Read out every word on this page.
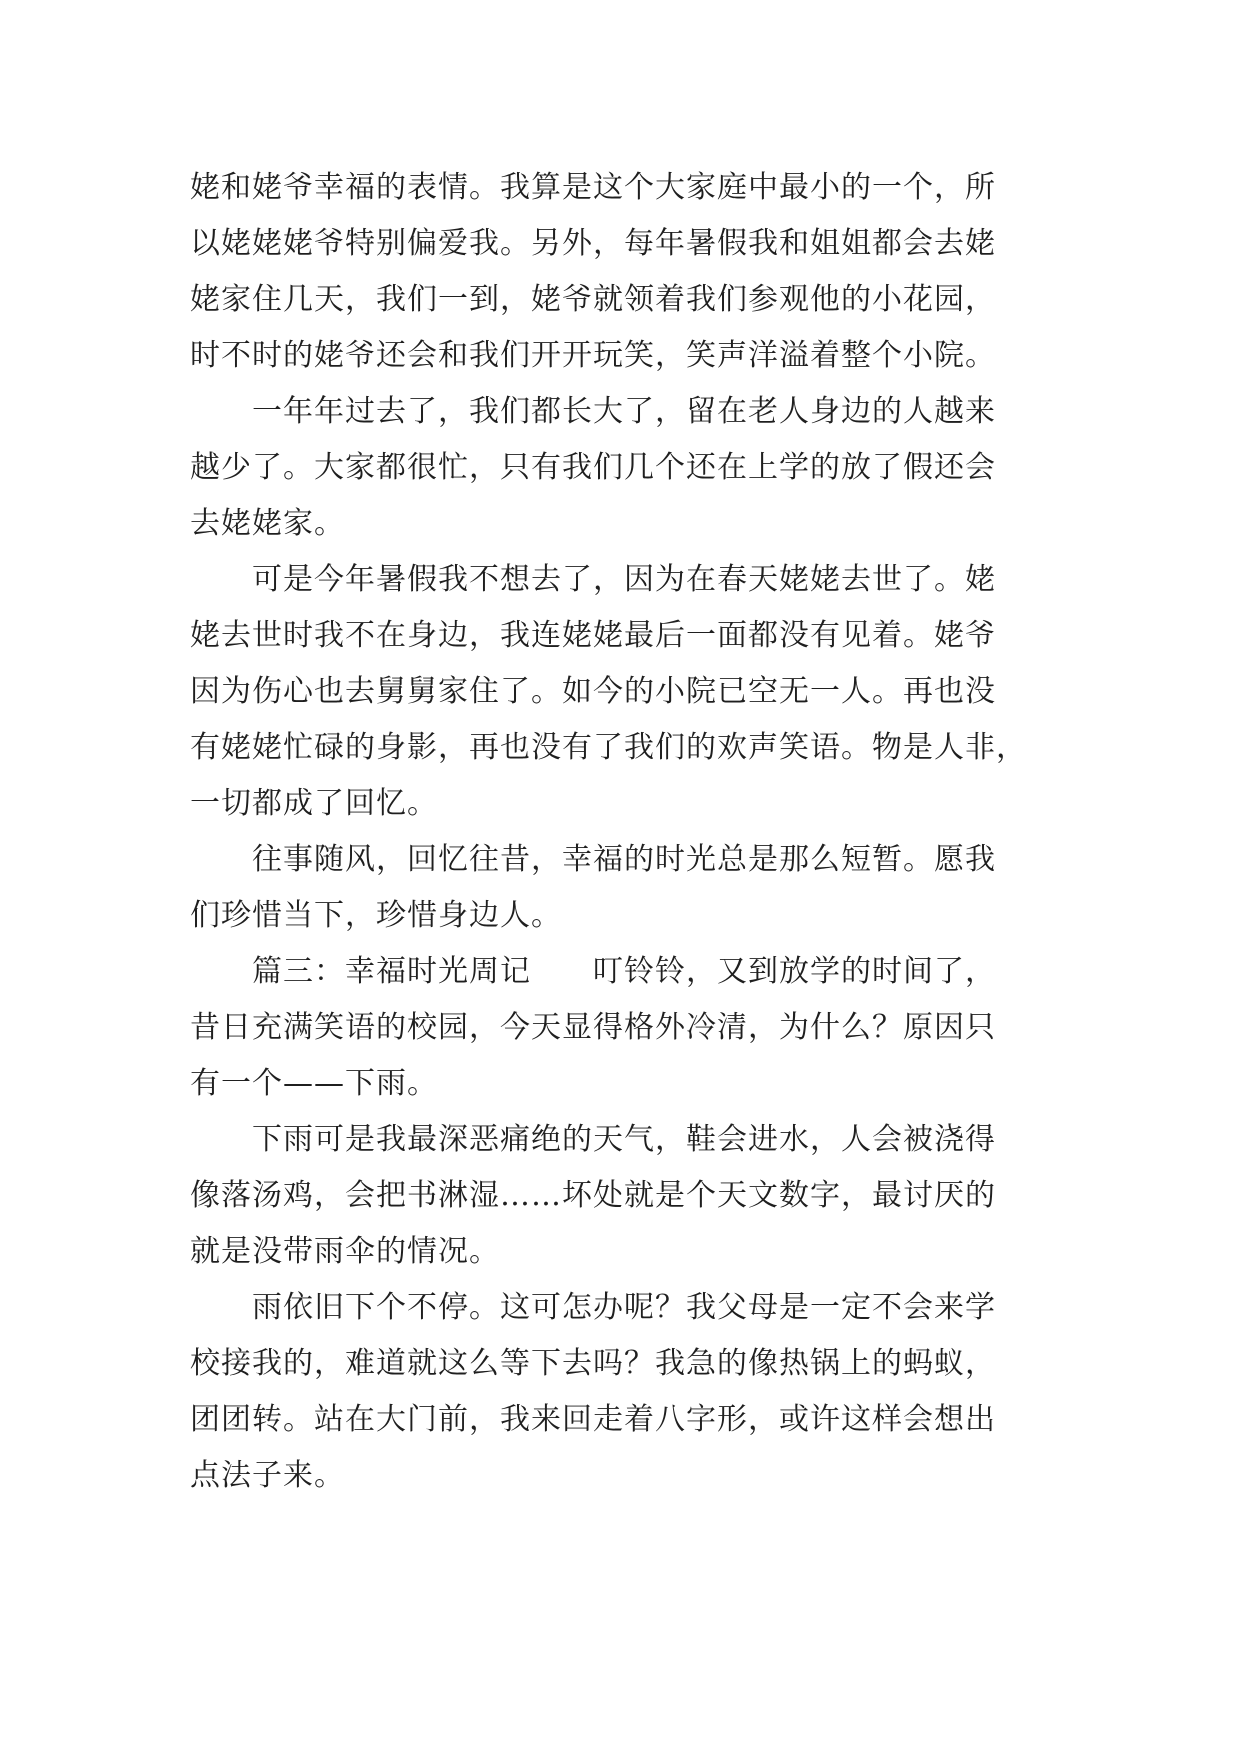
姥和姥爷幸福的表情。我算是这个大家庭中最小的一个，所
以姥姥姥爷特别偏爱我。另外，每年暑假我和姐姐都会去姥
姥家住几天，我们一到，姥爷就领着我们参观他的小花园，
时不时的姥爷还会和我们开开玩笑，笑声洋溢着整个小院。
　　一年年过去了，我们都长大了，留在老人身边的人越来
越少了。大家都很忙，只有我们几个还在上学的放了假还会
去姥姥家。
　　可是今年暑假我不想去了，因为在春天姥姥去世了。姥
姥去世时我不在身边，我连姥姥最后一面都没有见着。姥爷
因为伤心也去舅舅家住了。如今的小院已空无一人。再也没
有姥姥忙碌的身影，再也没有了我们的欢声笑语。物是人非，
一切都成了回忆。
　　往事随风，回忆往昔，幸福的时光总是那么短暂。愿我
们珍惜当下，珍惜身边人。
　　篇三：幸福时光周记　　叮铃铃，又到放学的时间了，
昔日充满笑语的校园，今天显得格外冷清，为什么？原因只
有一个——下雨。
　　下雨可是我最深恶痛绝的天气，鞋会进水，人会被浇得
像落汤鸡，会把书淋湿……坏处就是个天文数字，最讨厌的
就是没带雨伞的情况。
　　雨依旧下个不停。这可怎办呢？我父母是一定不会来学
校接我的，难道就这么等下去吗？我急的像热锅上的蚂蚁，
团团转。站在大门前，我来回走着八字形，或许这样会想出
点法子来。
